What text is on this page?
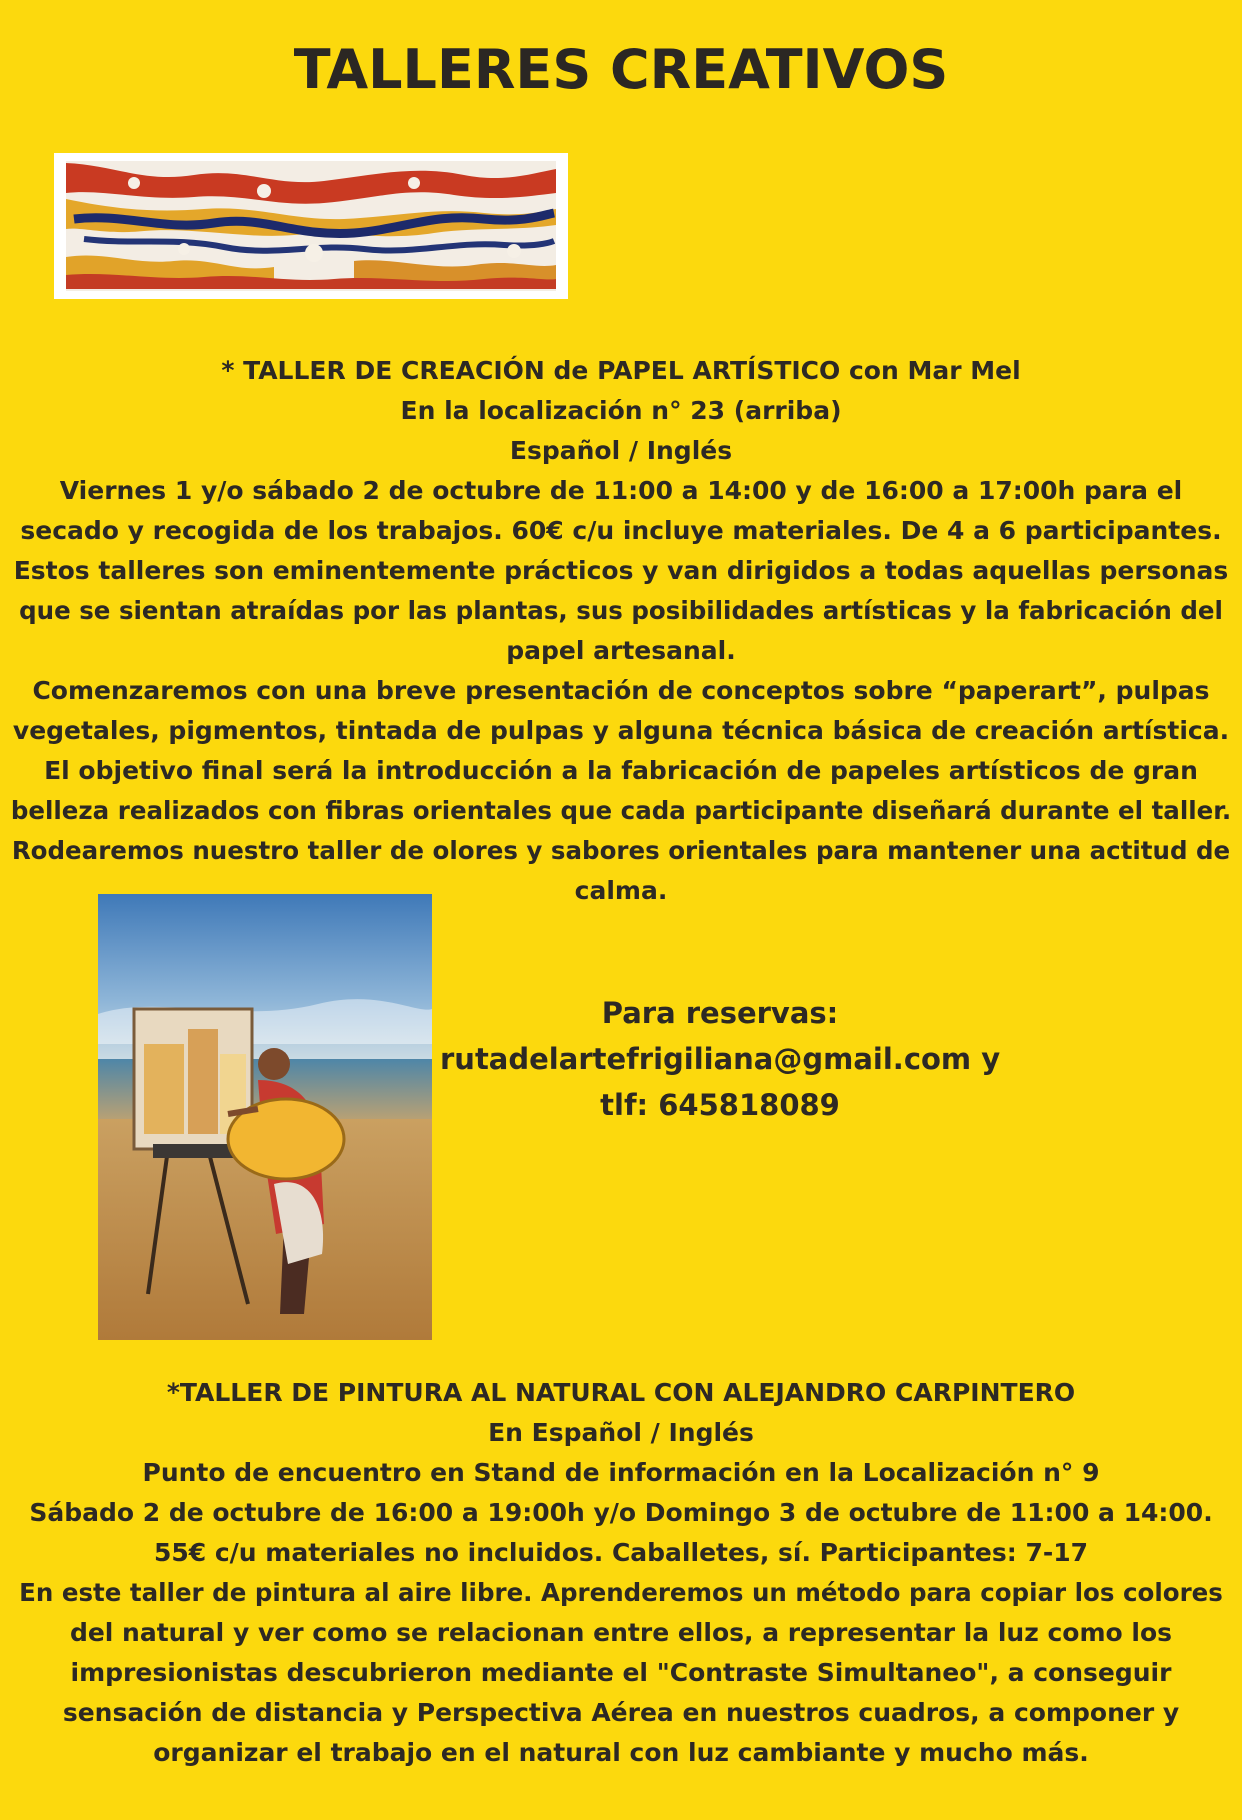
TALLERES CREATIVOS
* TALLER DE CREACIÓN de PAPEL ARTÍSTICO con Mar Mel
En la localización n° 23 (arriba)
Español / Inglés
Viernes 1 y/o sábado 2 de octubre de 11:00 a 14:00 y de 16:00 a 17:00h para el
secado y recogida de los trabajos. 60€ c/u incluye materiales. De 4 a 6 participantes.
Estos talleres son eminentemente prácticos y van dirigidos a todas aquellas personas
que se sientan atraídas por las plantas, sus posibilidades artísticas y la fabricación del
papel artesanal.
Comenzaremos con una breve presentación de conceptos sobre “paperart”, pulpas
vegetales, pigmentos, tintada de pulpas y alguna técnica básica de creación artística.
El objetivo final será la introducción a la fabricación de papeles artísticos de gran
belleza realizados con fibras orientales que cada participante diseñará durante el taller.
Rodearemos nuestro taller de olores y sabores orientales para mantener una actitud de
calma.
Para reservas:
rutadelartefrigiliana@gmail.com y
tlf: 645818089
*TALLER DE PINTURA AL NATURAL CON ALEJANDRO CARPINTERO
En Español / Inglés
Punto de encuentro en Stand de información en la Localización n° 9
Sábado 2 de octubre de 16:00 a 19:00h y/o Domingo 3 de octubre de 11:00 a 14:00.
55€ c/u materiales no incluidos. Caballetes, sí. Participantes: 7-17
En este taller de pintura al aire libre. Aprenderemos un método para copiar los colores
del natural y ver como se relacionan entre ellos, a representar la luz como los
impresionistas descubrieron mediante el "Contraste Simultaneo", a conseguir
sensación de distancia y Perspectiva Aérea en nuestros cuadros, a componer y
organizar el trabajo en el natural con luz cambiante y mucho más.
